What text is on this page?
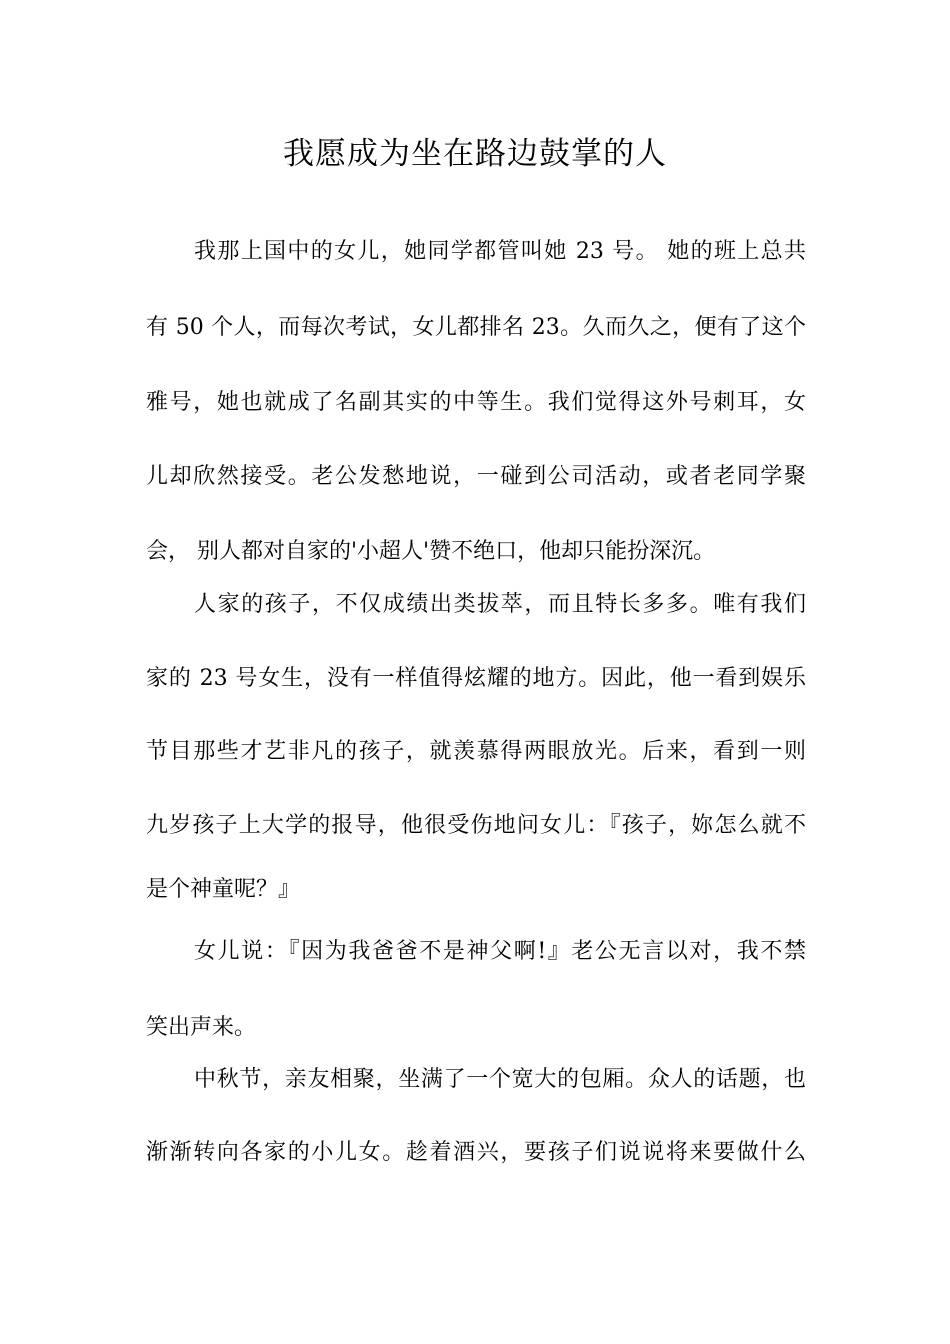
我愿成为坐在路边鼓掌的人

我那上国中的女儿，她同学都管叫她 23 号。 她的班上总共

有 50 个人，而每次考试，女儿都排名 23。久而久之，便有了这个

雅号，她也就成了名副其实的中等生。我们觉得这外号刺耳，女

儿却欣然接受。老公发愁地说，一碰到公司活动，或者老同学聚

会， 别人都对自家的'小超人'赞不绝口，他却只能扮深沉。

人家的孩子，不仅成绩出类拔萃，而且特长多多。唯有我们

家的 23 号女生，没有一样值得炫耀的地方。因此，他一看到娱乐

节目那些才艺非凡的孩子，就羡慕得两眼放光。后来，看到一则

九岁孩子上大学的报导，他很受伤地问女儿：『孩子，妳怎么就不

是个神童呢？』

女儿说：『因为我爸爸不是神父啊!』老公无言以对，我不禁

笑出声来。

中秋节，亲友相聚，坐满了一个宽大的包厢。众人的话题，也

渐渐转向各家的小儿女。趁着酒兴，要孩子们说说将来要做什么
